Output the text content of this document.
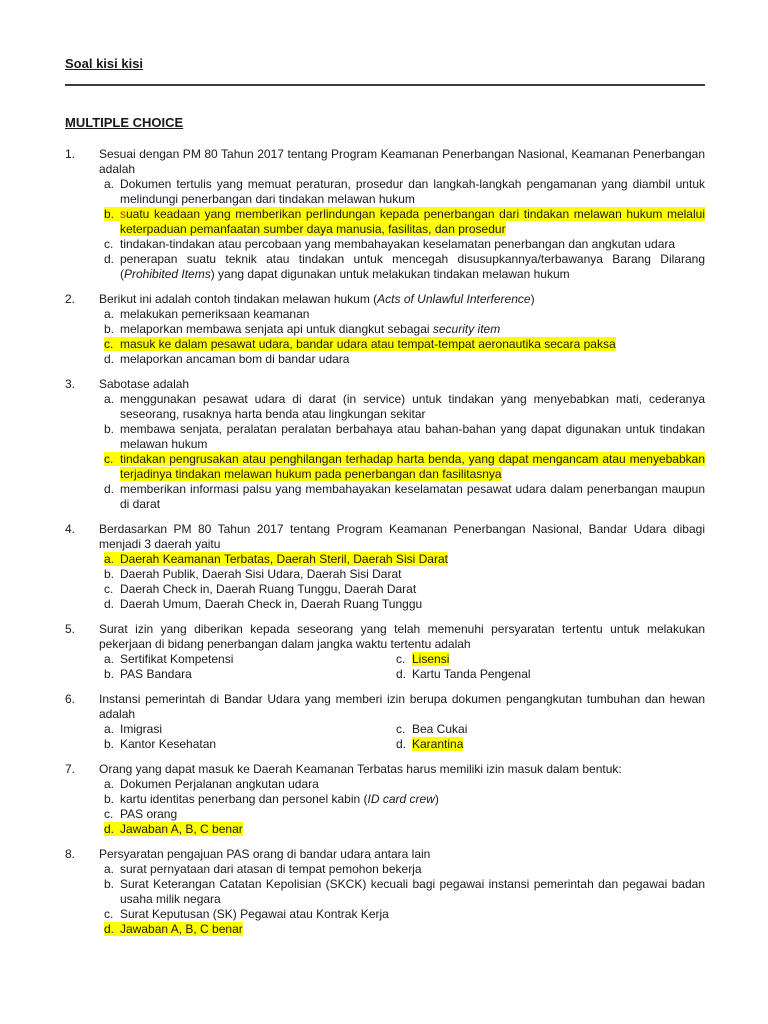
Soal kisi kisi
MULTIPLE CHOICE
1.	Sesuai dengan PM 80 Tahun 2017 tentang Program Keamanan Penerbangan Nasional, Keamanan Penerbangan adalah
a. Dokumen tertulis yang memuat peraturan, prosedur dan langkah-langkah pengamanan yang diambil untuk melindungi penerbangan dari tindakan melawan hukum
b. suatu keadaan yang memberikan perlindungan kepada penerbangan dari tindakan melawan hukum melalui keterpaduan pemanfaatan sumber daya manusia, fasilitas, dan prosedur
c. tindakan-tindakan atau percobaan yang membahayakan keselamatan penerbangan dan angkutan udara
d. penerapan suatu teknik atau tindakan untuk mencegah disusupkannya/terbawanya Barang Dilarang (Prohibited Items) yang dapat digunakan untuk melakukan tindakan melawan hukum
2.	Berikut ini adalah contoh tindakan melawan hukum (Acts of Unlawful Interference)
a. melakukan pemeriksaan keamanan
b. melaporkan membawa senjata api untuk diangkut sebagai security item
c. masuk ke dalam pesawat udara, bandar udara atau tempat-tempat aeronautika secara paksa
d. melaporkan ancaman bom di bandar udara
3.	Sabotase adalah
a. menggunakan pesawat udara di darat (in service) untuk tindakan yang menyebabkan mati, cederanya seseorang, rusaknya harta benda atau lingkungan sekitar
b. membawa senjata, peralatan peralatan berbahaya atau bahan-bahan yang dapat digunakan untuk tindakan melawan hukum
c. tindakan pengrusakan atau penghilangan terhadap harta benda, yang dapat mengancam atau menyebabkan terjadinya tindakan melawan hukum pada penerbangan dan fasilitasnya
d. memberikan informasi palsu yang membahayakan keselamatan pesawat udara dalam penerbangan maupun di darat
4.	Berdasarkan PM 80 Tahun 2017 tentang Program Keamanan Penerbangan Nasional, Bandar Udara dibagi menjadi 3 daerah yaitu
a. Daerah Keamanan Terbatas, Daerah Steril, Daerah Sisi Darat
b. Daerah Publik, Daerah Sisi Udara, Daerah Sisi Darat
c. Daerah Check in, Daerah Ruang Tunggu, Daerah Darat
d. Daerah Umum, Daerah Check in, Daerah Ruang Tunggu
5.	Surat izin yang diberikan kepada seseorang yang telah memenuhi persyaratan tertentu untuk melakukan pekerjaan di bidang penerbangan dalam jangka waktu tertentu adalah
a. Sertifikat Kompetensi	c. Lisensi
b. PAS Bandara	d. Kartu Tanda Pengenal
6.	Instansi pemerintah di Bandar Udara yang memberi izin berupa dokumen pengangkutan tumbuhan dan hewan adalah
a. Imigrasi	c. Bea Cukai
b. Kantor Kesehatan	d. Karantina
7.	Orang yang dapat masuk ke Daerah Keamanan Terbatas harus memiliki izin masuk dalam bentuk:
a. Dokumen Perjalanan angkutan udara
b. kartu identitas penerbang dan personel kabin (ID card crew)
c. PAS orang
d. Jawaban A, B, C benar
8.	Persyaratan pengajuan PAS orang di bandar udara antara lain
a. surat pernyataan dari atasan di tempat pemohon bekerja
b. Surat Keterangan Catatan Kepolisian (SKCK) kecuali bagi pegawai instansi pemerintah dan pegawai badan usaha milik negara
c. Surat Keputusan (SK) Pegawai atau Kontrak Kerja
d. Jawaban A, B, C benar
